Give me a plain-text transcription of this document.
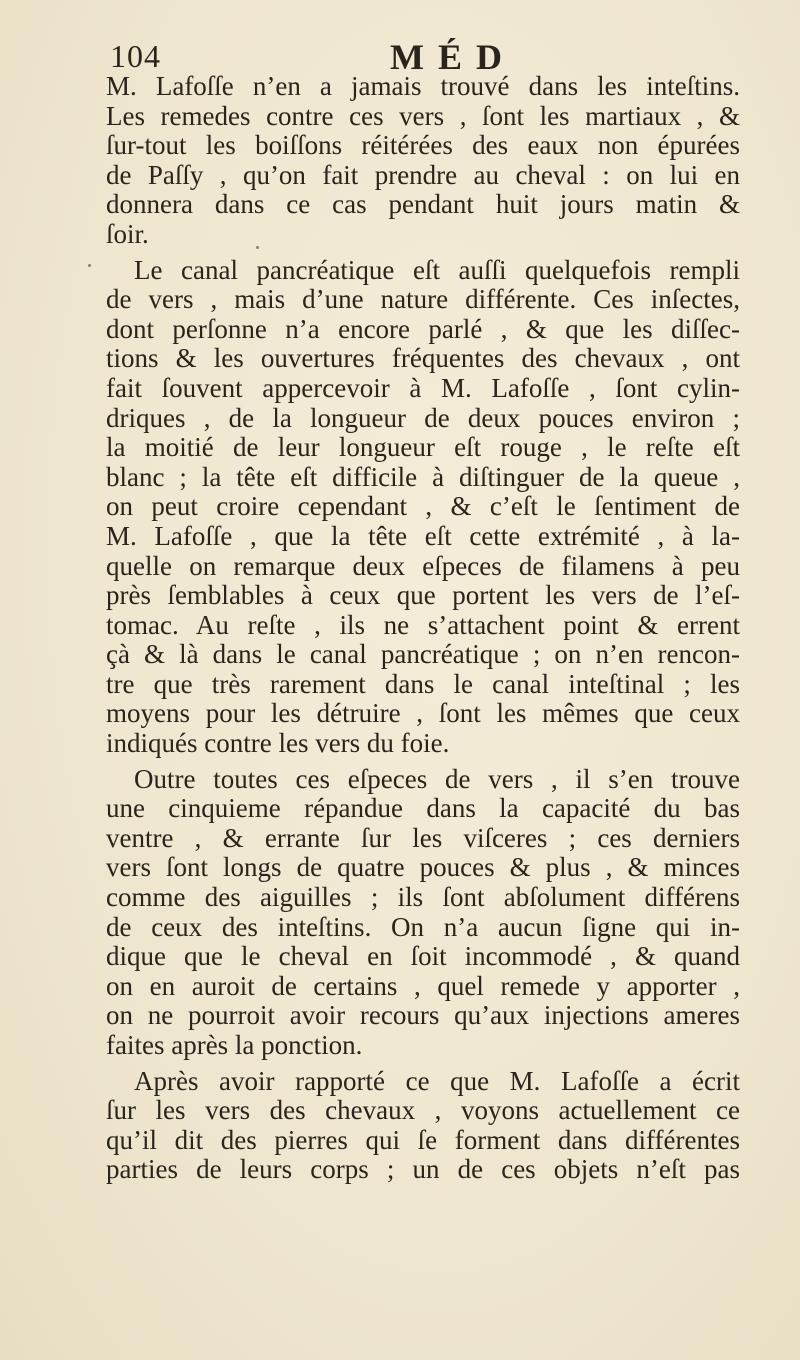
104	MÉD
M. Lafoſſe n’en a jamais trouvé dans les inteſtins.
Les remedes contre ces vers , ſont les martiaux , &
ſur-tout les boiſſons réitérées des eaux non épurées
de Paſſy , qu’on fait prendre au cheval : on lui en
donnera dans ce cas pendant huit jours matin &
ſoir.
Le canal pancréatique eſt auſſi quelquefois rempli
de vers , mais d’une nature différente. Ces inſectes,
dont perſonne n’a encore parlé , & que les diſſec-
tions & les ouvertures fréquentes des chevaux , ont
fait ſouvent appercevoir à M. Lafoſſe , ſont cylin-
driques , de la longueur de deux pouces environ ;
la moitié de leur longueur eſt rouge , le reſte eſt
blanc ; la tête eſt difficile à diſtinguer de la queue ,
on peut croire cependant , & c’eſt le ſentiment de
M. Lafoſſe , que la tête eſt cette extrémité , à la-
quelle on remarque deux eſpeces de filamens à peu
près ſemblables à ceux que portent les vers de l’eſ-
tomac. Au reſte , ils ne s’attachent point & errent
çà & là dans le canal pancréatique ; on n’en rencon-
tre que très rarement dans le canal inteſtinal ; les
moyens pour les détruire , ſont les mêmes que ceux
indiqués contre les vers du foie.
Outre toutes ces eſpeces de vers , il s’en trouve
une cinquieme répandue dans la capacité du bas
ventre , & errante ſur les viſceres ; ces derniers
vers ſont longs de quatre pouces & plus , & minces
comme des aiguilles ; ils ſont abſolument différens
de ceux des inteſtins. On n’a aucun ſigne qui in-
dique que le cheval en ſoit incommodé , & quand
on en auroit de certains , quel remede y apporter ,
on ne pourroit avoir recours qu’aux injections ameres
faites après la ponction.
Après avoir rapporté ce que M. Lafoſſe a écrit
ſur les vers des chevaux , voyons actuellement ce
qu’il dit des pierres qui ſe forment dans différentes
parties de leurs corps ; un de ces objets n’eſt pas
